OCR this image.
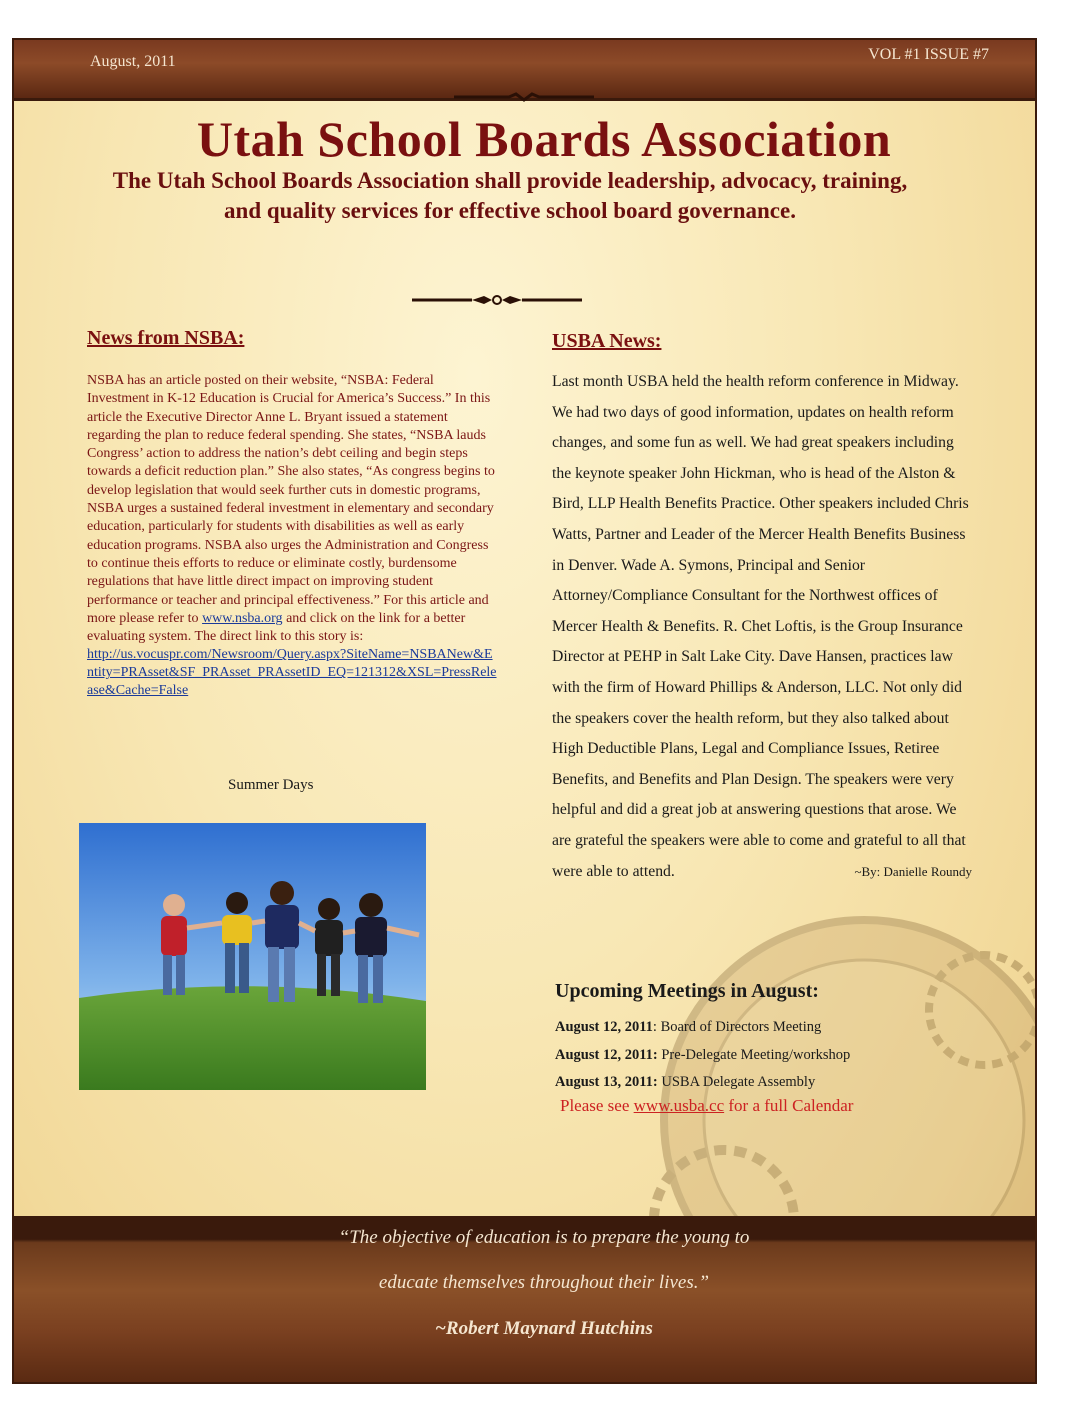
August, 2011	VOL #1 ISSUE #7
Utah School Boards Association
The Utah School Boards Association shall provide leadership, advocacy, training, and quality services for effective school board governance.
News from NSBA:
NSBA has an article posted on their website, “NSBA: Federal Investment in K-12 Education is Crucial for America’s Success.” In this article the Executive Director Anne L. Bryant issued a statement regarding the plan to reduce federal spending. She states, “NSBA lauds Congress’ action to address the nation’s debt ceiling and begin steps towards a deficit reduction plan.” She also states, “As congress begins to develop legislation that would seek further cuts in domestic programs, NSBA urges a sustained federal investment in elementary and secondary education, particularly for students with disabilities as well as early education programs. NSBA also urges the Administration and Congress to continue theis efforts to reduce or eliminate costly, burdensome regulations that have little direct impact on improving student performance or teacher and principal effectiveness.” For this article and more please refer to www.nsba.org and click on the link for a better evaluating system. The direct link to this story is:
http://us.vocuspr.com/Newsroom/Query.aspx?SiteName=NSBANew&Entity=PRAsset&SF_PRAsset_PRAssetID_EQ=121312&XSL=PressRelease&Cache=False
Summer Days
USBA News:
Last month USBA held the health reform conference in Midway. We had two days of good information, updates on health reform changes, and some fun as well. We had great speakers including the keynote speaker John Hickman, who is head of the Alston & Bird, LLP Health Benefits Practice. Other speakers included Chris Watts, Partner and Leader of the Mercer Health Benefits Business in Denver. Wade A. Symons, Principal and Senior Attorney/Compliance Consultant for the Northwest offices of Mercer Health & Benefits. R. Chet Loftis, is the Group Insurance Director at PEHP in Salt Lake City. Dave Hansen, practices law with the firm of Howard Phillips & Anderson, LLC. Not only did the speakers cover the health reform, but they also talked about High Deductible Plans, Legal and Compliance Issues, Retiree Benefits, and Benefits and Plan Design. The speakers were very helpful and did a great job at answering questions that arose. We are grateful the speakers were able to come and grateful to all that were able to attend.	~By: Danielle Roundy
Upcoming Meetings in August:
August 12, 2011: Board of Directors Meeting
August 12, 2011: Pre-Delegate Meeting/workshop
August 13, 2011: USBA Delegate Assembly
Please see www.usba.cc for a full Calendar
“The objective of education is to prepare the young to
educate themselves throughout their lives.”
~Robert Maynard Hutchins
